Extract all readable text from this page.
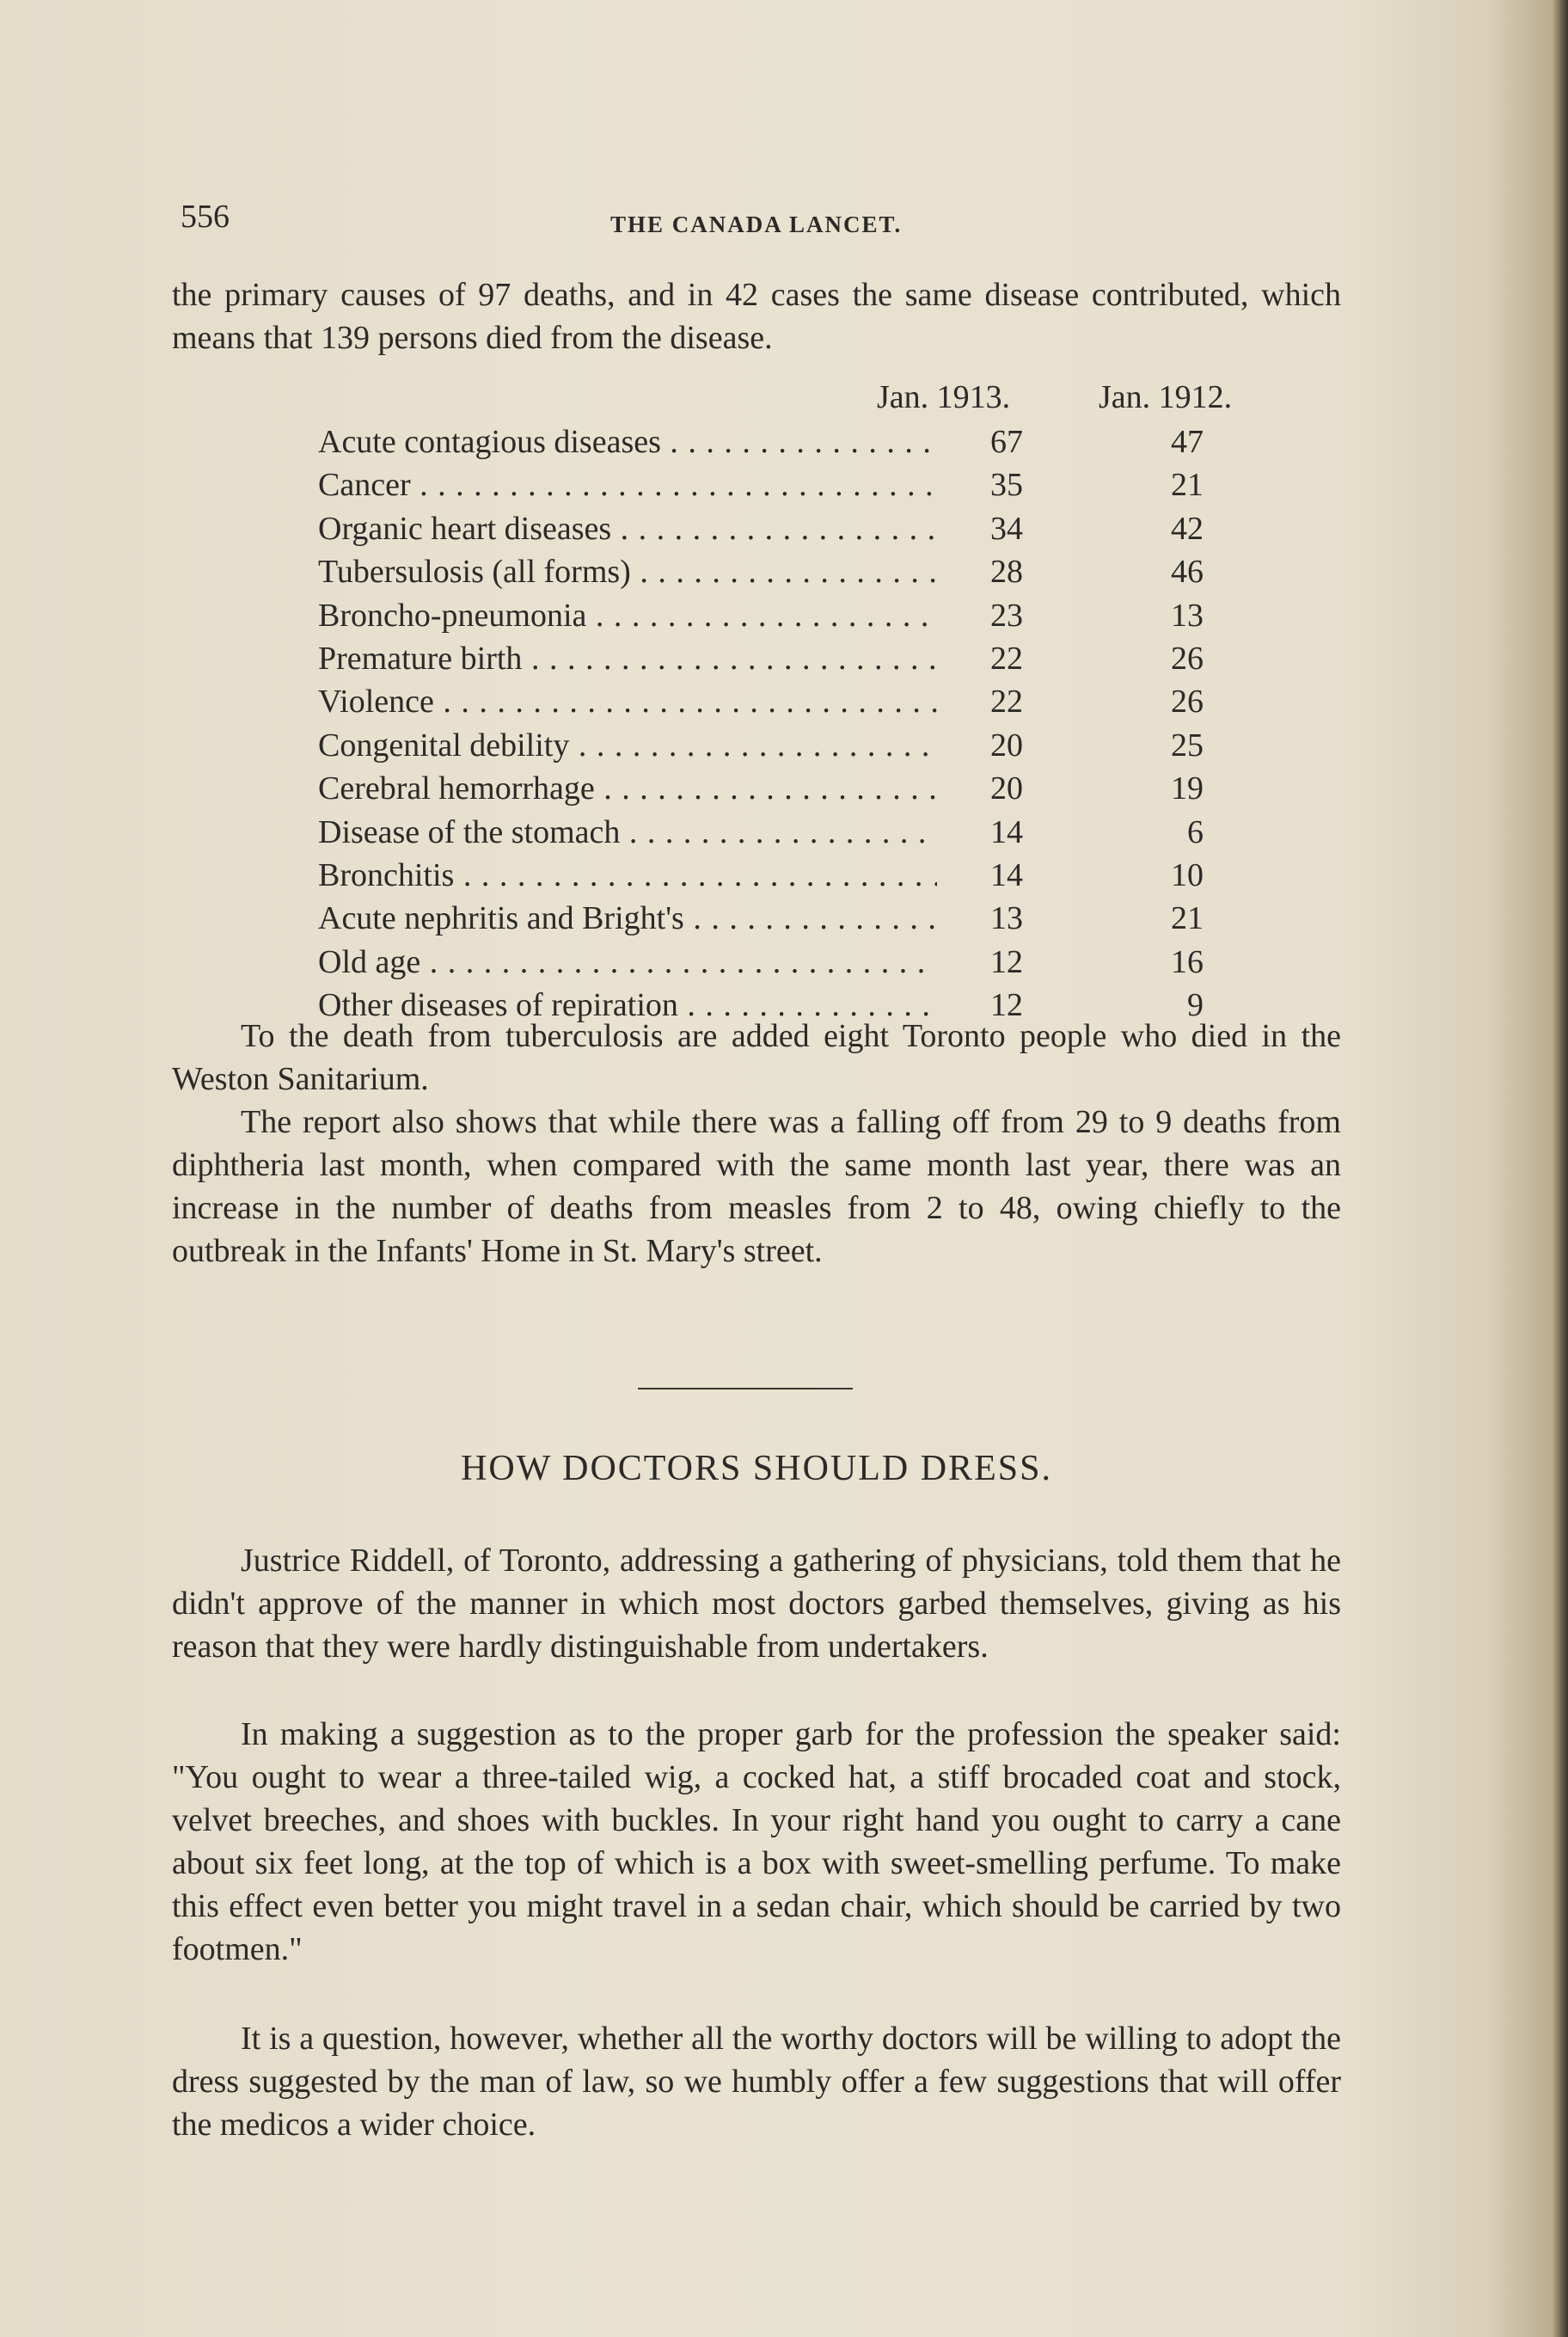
556	THE CANADA LANCET.

the primary causes of 97 deaths, and in 42 cases the same disease contributed, which means that 139 persons died from the disease.

Jan. 1913.	Jan. 1912.
Acute contagious diseases . . .	67	47
Cancer . . .	35	21
Organic heart diseases . . .	34	42
Tubersulosis (all forms) . . .	28	46
Broncho-pneumonia . . .	23	13
Premature birth . . .	22	26
Violence . . .	22	26
Congenital debility . . .	20	25
Cerebral hemorrhage . . .	20	19
Disease of the stomach . . .	14	6
Bronchitis . . .	14	10
Acute nephritis and Bright's . . .	13	21
Old age . . .	12	16
Other diseases of repiration . . .	12	9

To the death from tuberculosis are added eight Toronto people who died in the Weston Sanitarium.

The report also shows that while there was a falling off from 29 to 9 deaths from diphtheria last month, when compared with the same month last year, there was an increase in the number of deaths from measles from 2 to 48, owing chiefly to the outbreak in the Infants' Home in St. Mary's street.

HOW DOCTORS SHOULD DRESS.

Justrice Riddell, of Toronto, addressing a gathering of physicians, told them that he didn't approve of the manner in which most doctors garbed themselves, giving as his reason that they were hardly distinguishable from undertakers.

In making a suggestion as to the proper garb for the profession the speaker said: "You ought to wear a three-tailed wig, a cocked hat, a stiff brocaded coat and stock, velvet breeches, and shoes with buckles. In your right hand you ought to carry a cane about six feet long, at the top of which is a box with sweet-smelling perfume. To make this effect even better you might travel in a sedan chair, which should be carried by two footmen."

It is a question, however, whether all the worthy doctors will be willing to adopt the dress suggested by the man of law, so we humbly offer a few suggestions that will offer the medicos a wider choice.
